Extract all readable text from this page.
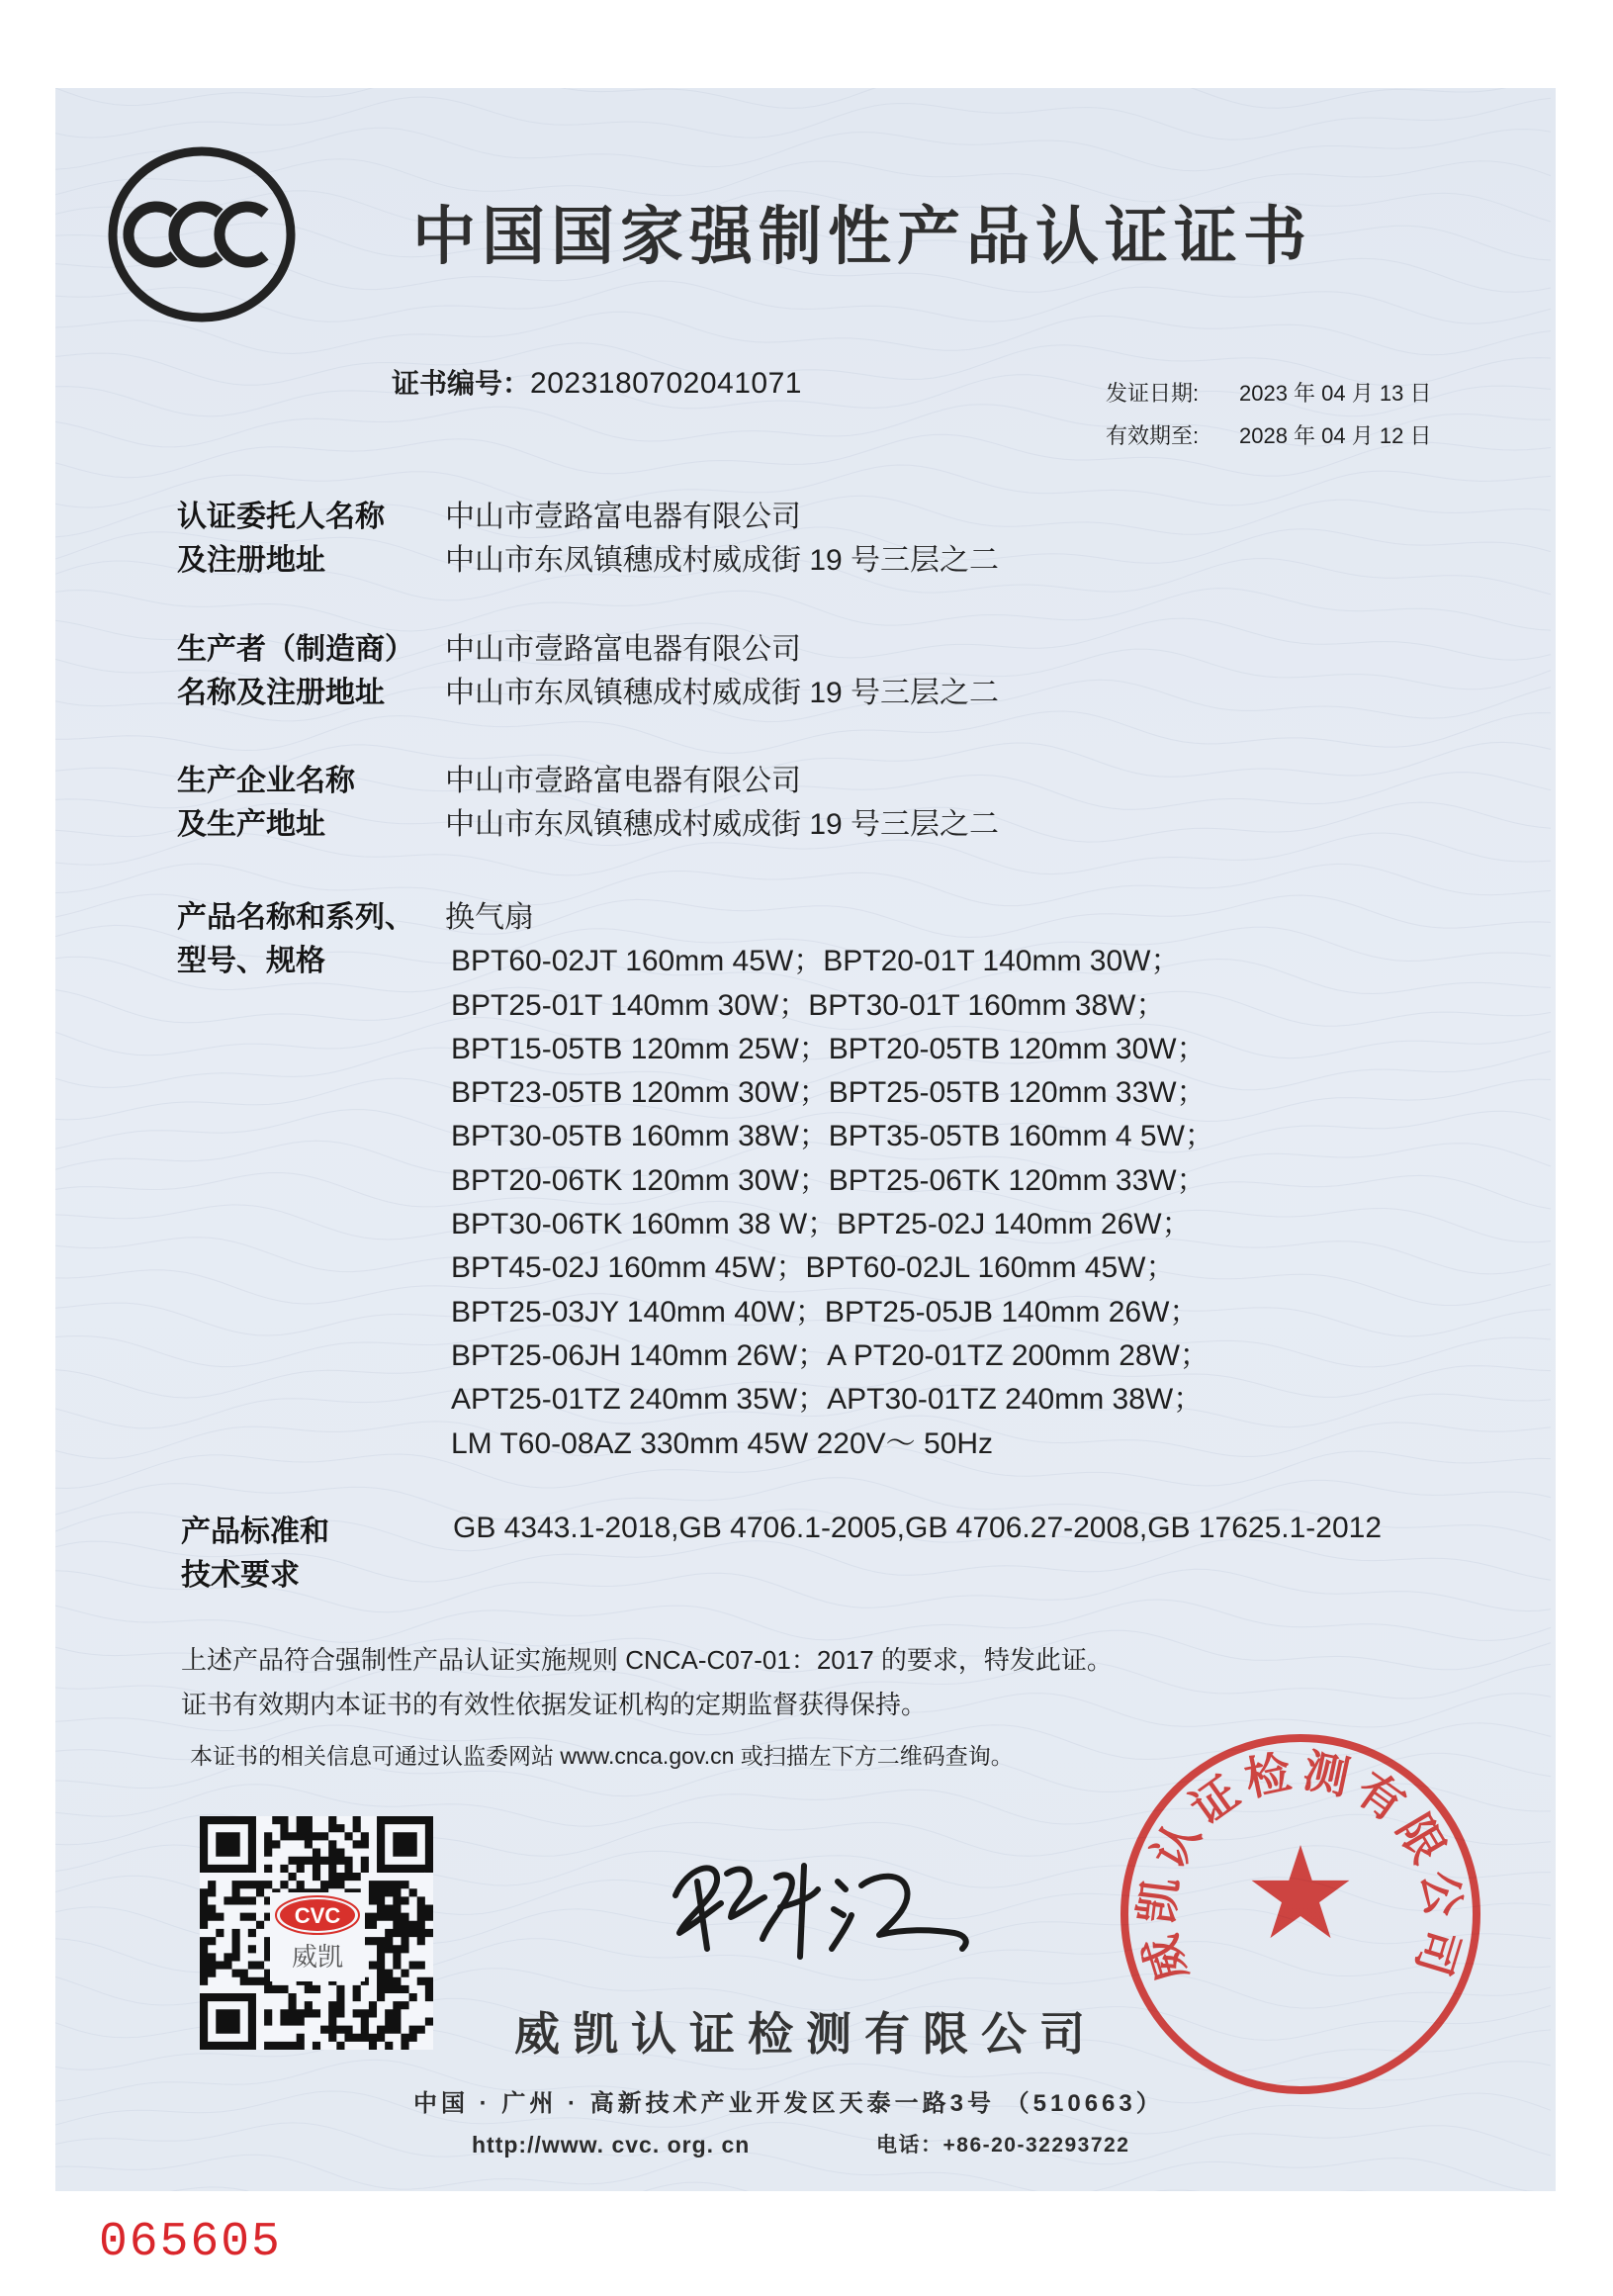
中国国家强制性产品认证证书
证书编号：2023180702041071	发证日期: 2023 年 04 月 13 日
有效期至: 2028 年 04 月 12 日
认证委托人名称
及注册地址
中山市壹路富电器有限公司
中山市东凤镇穗成村威成街 19 号三层之二
生产者（制造商）
名称及注册地址
中山市壹路富电器有限公司
中山市东凤镇穗成村威成街 19 号三层之二
生产企业名称
及生产地址
中山市壹路富电器有限公司
中山市东凤镇穗成村威成街 19 号三层之二
产品名称和系列、
型号、规格
换气扇
BPT60-02JT 160mm 45W；BPT20-01T 140mm 30W；
BPT25-01T 140mm 30W；BPT30-01T 160mm 38W；
BPT15-05TB 120mm 25W；BPT20-05TB 120mm 30W；
BPT23-05TB 120mm 30W；BPT25-05TB 120mm 33W；
BPT30-05TB 160mm 38W；BPT35-05TB 160mm 4 5W；
BPT20-06TK 120mm 30W；BPT25-06TK 120mm 33W；
BPT30-06TK 160mm 38 W；BPT25-02J 140mm 26W；
BPT45-02J 160mm 45W；BPT60-02JL 160mm 45W；
BPT25-03JY 140mm 40W；BPT25-05JB 140mm 26W；
BPT25-06JH 140mm 26W；A PT20-01TZ 200mm 28W；
APT25-01TZ 240mm 35W；APT30-01TZ 240mm 38W；
LM T60-08AZ 330mm 45W 220V～ 50Hz
产品标准和
技术要求
GB 4343.1-2018,GB 4706.1-2005,GB 4706.27-2008,GB 17625.1-2012
上述产品符合强制性产品认证实施规则 CNCA-C07-01：2017 的要求，特发此证。
证书有效期内本证书的有效性依据发证机构的定期监督获得保持。
本证书的相关信息可通过认监委网站 www.cnca.gov.cn 或扫描左下方二维码查询。
CVC
威凯
威凯认证检测有限公司
中国 · 广州 · 高新技术产业开发区天泰一路3号 （510663）
http://www. cvc. org. cn	电话：+86-20-32293722
威凯认证检测有限公司
065605
